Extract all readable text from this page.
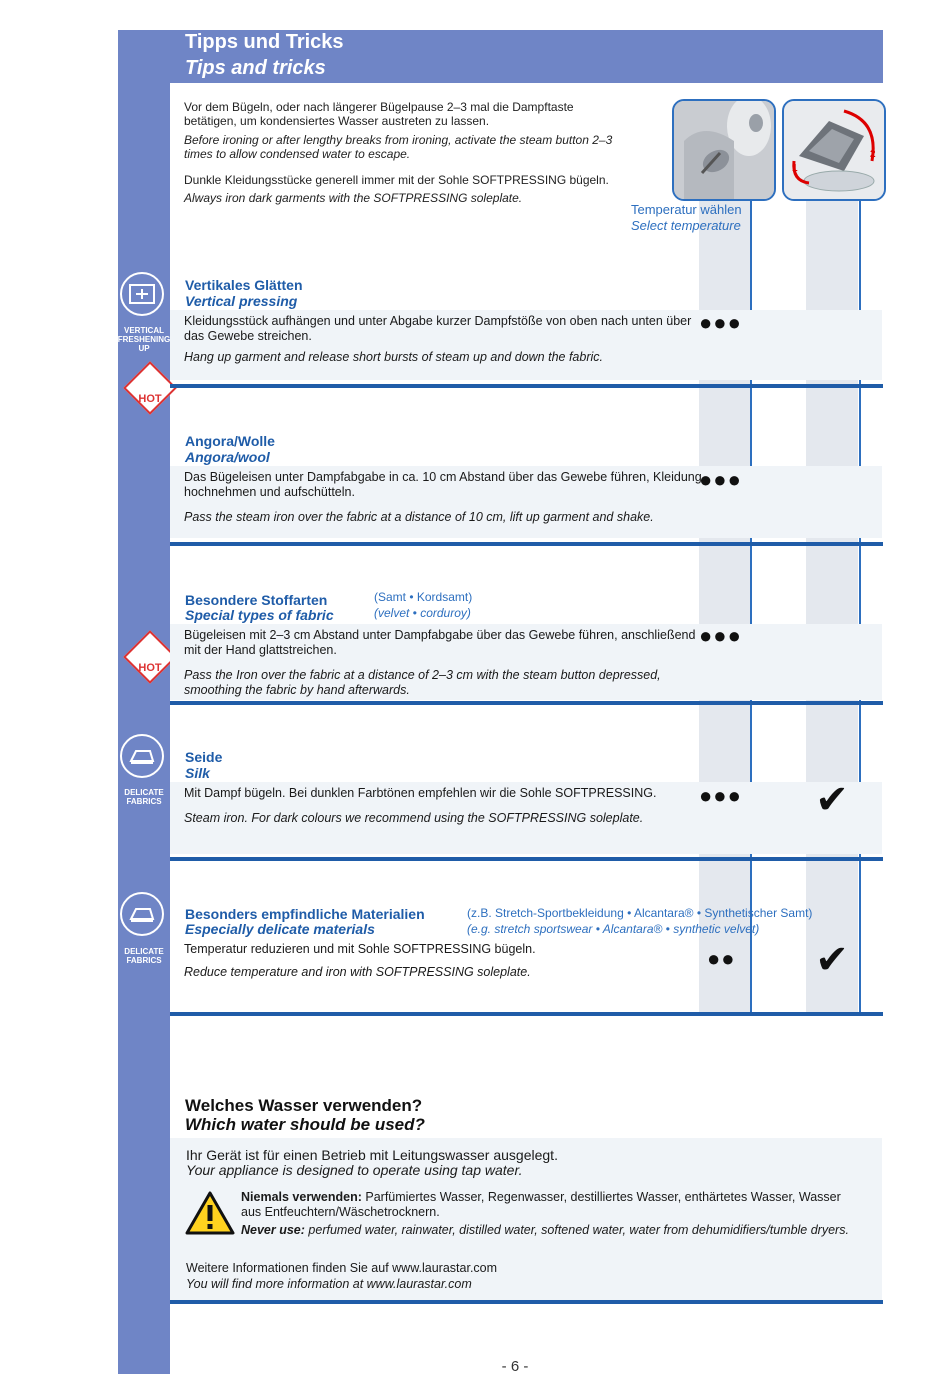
Tipps und Tricks
Tips and tricks
1
2
Vor dem Bügeln, oder nach längerer Bügelpause 2–3 mal die Dampftaste betätigen, um kondensiertes Wasser austreten zu lassen.
Before ironing or after lengthy breaks from ironing, activate the steam button 2–3 times to allow condensed water to escape.
Dunkle Kleidungsstücke generell immer mit der Sohle SOFTPRESSING bügeln.
Always iron dark garments with the SOFTPRESSING soleplate.
Temperatur wählen
Select temperature
VERTICAL FRESHENING UP
HOT
Vertikales Glätten
Vertical pressing
Kleidungsstück aufhängen und unter Abgabe kurzer Dampfstöße von oben nach unten über das Gewebe streichen.
Hang up garment and release short bursts of steam up and down the fabric.
●●●
Angora/Wolle
Angora/wool
Das Bügeleisen unter Dampfabgabe in ca. 10 cm Abstand über das Gewebe führen, Kleidung hochnehmen und aufschütteln.
Pass the steam iron over the fabric at a distance of 10 cm, lift up garment and shake.
●●●
HOT
Besondere Stoffarten
Special types of fabric
(Samt • Kordsamt)
(velvet • corduroy)
Bügeleisen mit 2–3 cm Abstand unter Dampfabgabe über das Gewebe führen, anschließend mit der Hand glattstreichen.
Pass the Iron over the fabric at a distance of 2–3 cm with the steam button depressed, smoothing the fabric by hand afterwards.
●●●
DELICATE FABRICS
Seide
Silk
Mit Dampf bügeln. Bei dunklen Farbtönen empfehlen wir die Sohle SOFTPRESSING.
Steam iron. For dark colours we recommend using the SOFTPRESSING soleplate.
●●● ✔
DELICATE FABRICS
Besonders empfindliche Materialien
Especially delicate materials
(z.B. Stretch-Sportbekleidung • Alcantara® • Synthetischer Samt)
(e.g. stretch sportswear • Alcantara® • synthetic velvet)
Temperatur reduzieren und mit Sohle SOFTPRESSING bügeln.
Reduce temperature and iron with SOFTPRESSING soleplate.
●● ✔
Welches Wasser verwenden?
Which water should be used?
Ihr Gerät ist für einen Betrieb mit Leitungswasser ausgelegt.
Your appliance is designed to operate using tap water.
Niemals verwenden: Parfümiertes Wasser, Regenwasser, destilliertes Wasser, enthärtetes Wasser, Wasser aus Entfeuchtern/Wäschetrocknern.
Never use: perfumed water, rainwater, distilled water, softened water, water from dehumidifiers/tumble dryers.
Weitere Informationen finden Sie auf www.laurastar.com
You will find more information at www.laurastar.com
- 6 -
